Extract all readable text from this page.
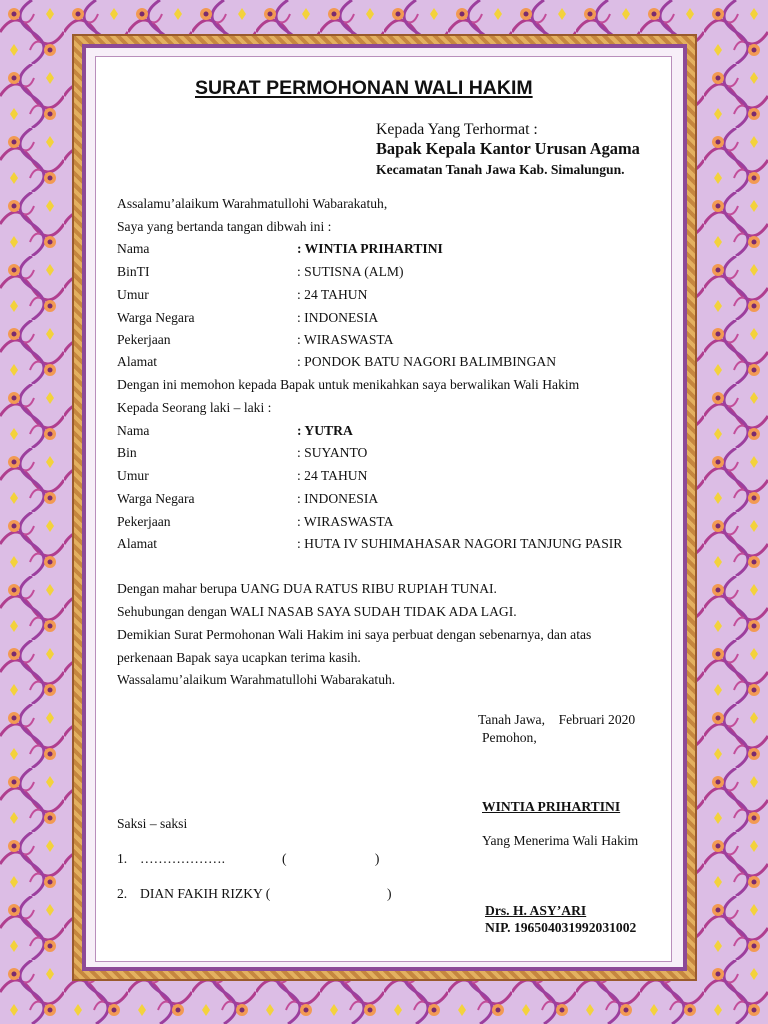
SURAT PERMOHONAN WALI HAKIM
Kepada Yang Terhormat :
Bapak Kepala Kantor Urusan Agama
Kecamatan Tanah Jawa Kab. Simalungun.
Assalamu’alaikum Warahmatullohi Wabarakatuh,
Saya yang bertanda tangan dibwah ini :
Nama	: WINTIA PRIHARTINI
BinTI	: SUTISNA (ALM)
Umur	: 24 TAHUN
Warga Negara	: INDONESIA
Pekerjaan	: WIRASWASTA
Alamat	: PONDOK BATU NAGORI BALIMBINGAN
Dengan ini memohon kepada Bapak untuk menikahkan saya berwalikan Wali Hakim
Kepada Seorang laki – laki :
Nama	: YUTRA
Bin	: SUYANTO
Umur	: 24 TAHUN
Warga Negara	: INDONESIA
Pekerjaan	: WIRASWASTA
Alamat	: HUTA IV SUHIMAHASAR NAGORI TANJUNG PASIR
Dengan mahar berupa UANG DUA RATUS RIBU RUPIAH TUNAI.
Sehubungan dengan WALI NASAB SAYA SUDAH TIDAK ADA LAGI.
Demikian Surat Permohonan Wali Hakim ini saya perbuat dengan sebenarnya, dan atas
perkenaan Bapak saya ucapkan terima kasih.
Wassalamu’alaikum Warahmatullohi Wabarakatuh.
Tanah Jawa,    Februari 2020
Pemohon,
WINTIA PRIHARTINI
Saksi – saksi
1. ……………….	(                          )
2. DIAN FAKIH RIZKY (	)
Yang Menerima Wali Hakim
Drs. H. ASY’ARI
NIP. 196504031992031002
